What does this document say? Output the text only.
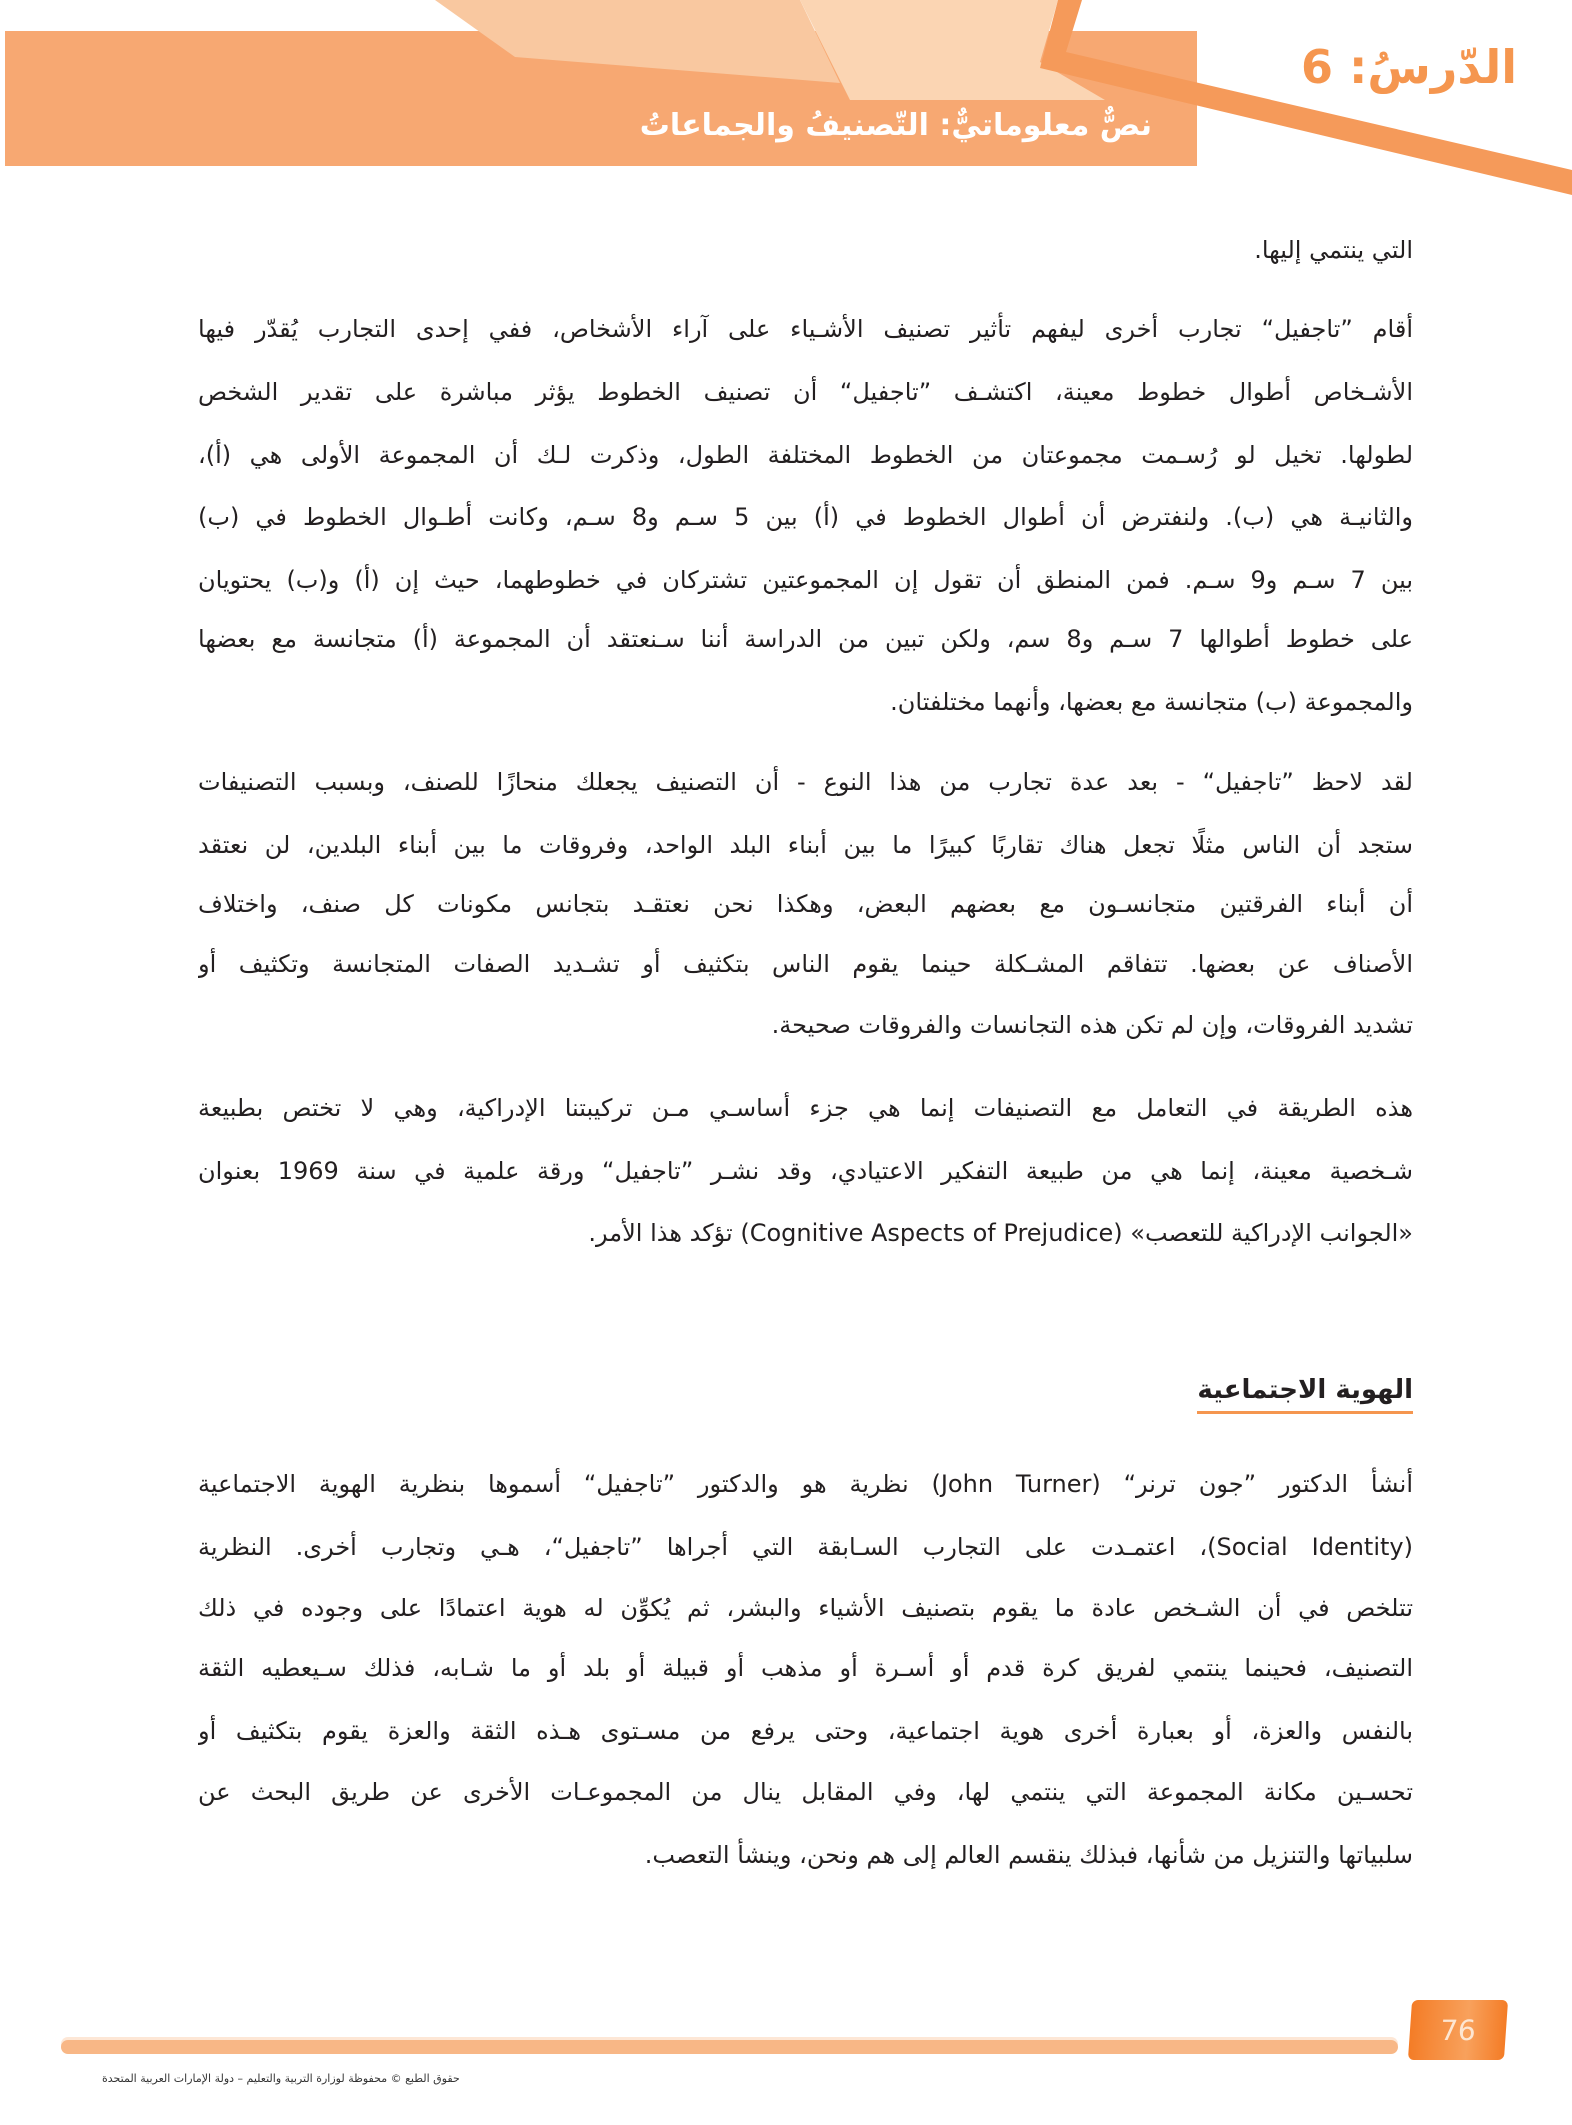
الدّرسُ: 6
نصٌّ معلوماتيٌّ: التّصنيفُ والجماعاتُ
التي ينتمي إليها.
أقام ”تاجفيل“ تجارب أخرى ليفهم تأثير تصنيف الأشـياء على آراء الأشخاص، ففي إحدى التجارب يُقدّر فيها
الأشـخاص أطوال خطوط معينة، اكتشـف ”تاجفيل“ أن تصنيف الخطوط يؤثر مباشرة على تقدير الشخص
لطولها. تخيل لو رُسـمت مجموعتان من الخطوط المختلفة الطول، وذكرت لـك أن المجموعة الأولى هي (أ)،
والثانيـة هي (ب). ولنفترض أن أطوال الخطوط في (أ) بين 5 سـم و8 سـم، وكانت أطـوال الخطوط في (ب)
بين 7 سـم و9 سـم. فمن المنطق أن تقول إن المجموعتين تشتركان في خطوطهما، حيث إن (أ) و(ب) يحتويان
على خطوط أطوالها 7 سـم و8 سم، ولكن تبين من الدراسة أننا سـنعتقد أن المجموعة (أ) متجانسة مع بعضها
والمجموعة (ب) متجانسة مع بعضها، وأنهما مختلفتان.
لقد لاحظ ”تاجفيل“ - بعد عدة تجارب من هذا النوع - أن التصنيف يجعلك منحازًا للصنف، وبسبب التصنيفات
ستجد أن الناس مثلًا تجعل هناك تقاربًا كبيرًا ما بين أبناء البلد الواحد، وفروقات ما بين أبناء البلدين، لن نعتقد
أن أبناء الفرقتين متجانسـون مع بعضهم البعض، وهكذا نحن نعتقـد بتجانس مكونات كل صنف، واختلاف
الأصناف عن بعضها. تتفاقم المشـكلة حينما يقوم الناس بتكثيف أو تشـديد الصفات المتجانسة وتكثيف أو
تشديد الفروقات، وإن لم تكن هذه التجانسات والفروقات صحيحة.
هذه الطريقة في التعامل مع التصنيفات إنما هي جزء أساسـي مـن تركيبتنا الإدراكية، وهي لا تختص بطبيعة
شـخصية معينة، إنما هي من طبيعة التفكير الاعتيادي، وقد نشـر ”تاجفيل“ ورقة علمية في سنة 1969 بعنوان
«الجوانب الإدراكية للتعصب» (Cognitive Aspects of Prejudice) تؤكد هذا الأمر.
أنشأ الدكتور ”جون ترنر“ (John Turner) نظرية هو والدكتور ”تاجفيل“ أسموها بنظرية الهوية الاجتماعية
(Social Identity)، اعتمـدت على التجارب السـابقة التي أجراها ”تاجفيل“، هـي وتجارب أخرى. النظرية
تتلخص في أن الشـخص عادة ما يقوم بتصنيف الأشياء والبشر، ثم يُكوِّن له هوية اعتمادًا على وجوده في ذلك
التصنيف، فحينما ينتمي لفريق كرة قدم أو أسـرة أو مذهب أو قبيلة أو بلد أو ما شـابه، فذلك سـيعطيه الثقة
بالنفس والعزة، أو بعبارة أخرى هوية اجتماعية، وحتى يرفع من مسـتوى هـذه الثقة والعزة يقوم بتكثيف أو
تحسـين مكانة المجموعة التي ينتمي لها، وفي المقابل ينال من المجموعـات الأخرى عن طريق البحث عن
سلبياتها والتنزيل من شأنها، فبذلك ينقسم العالم إلى هم ونحن، وينشأ التعصب.
الهوية الاجتماعية
76
حقوق الطبع © محفوظة لوزارة التربية والتعليم – دولة الإمارات العربية المتحدة
